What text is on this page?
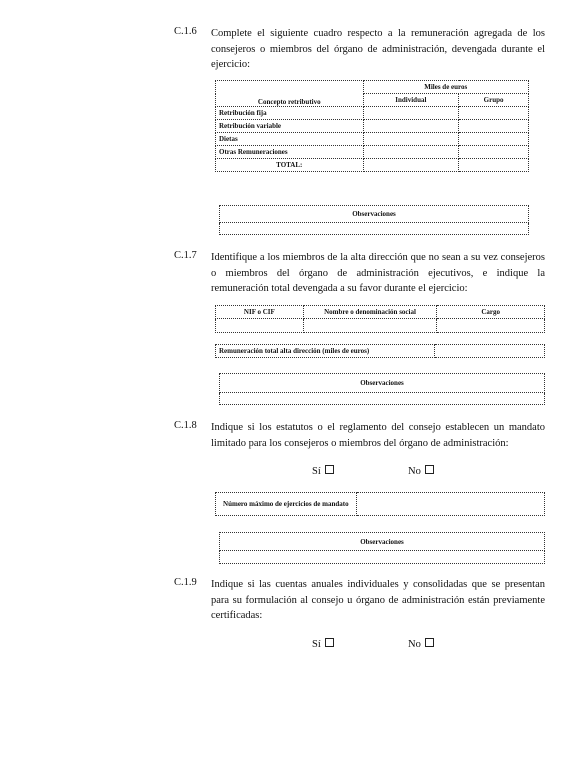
C.1.6 Complete el siguiente cuadro respecto a la remuneración agregada de los consejeros o miembros del órgano de administración, devengada durante el ejercicio:
Concepto retributivo	Miles de euros	
	Individual	Grupo
Retribución fija		
Retribución variable		
Dietas		
Otras Remuneraciones		
TOTAL:		
Observaciones

C.1.7 Identifique a los miembros de la alta dirección que no sean a su vez consejeros o miembros del órgano de administración ejecutivos, e indique la remuneración total devengada a su favor durante el ejercicio:
NIF o CIF	Nombre o denominación social	Cargo

Remuneración total alta dirección (miles de euros)	
Observaciones

C.1.8 Indique si los estatutos o el reglamento del consejo establecen un mandato limitado para los consejeros o miembros del órgano de administración:
Sí	No
Número máximo de ejercicios de mandato	
Observaciones

C.1.9 Indique si las cuentas anuales individuales y consolidadas que se presentan para su formulación al consejo u órgano de administración están previamente certificadas:
Sí	No
